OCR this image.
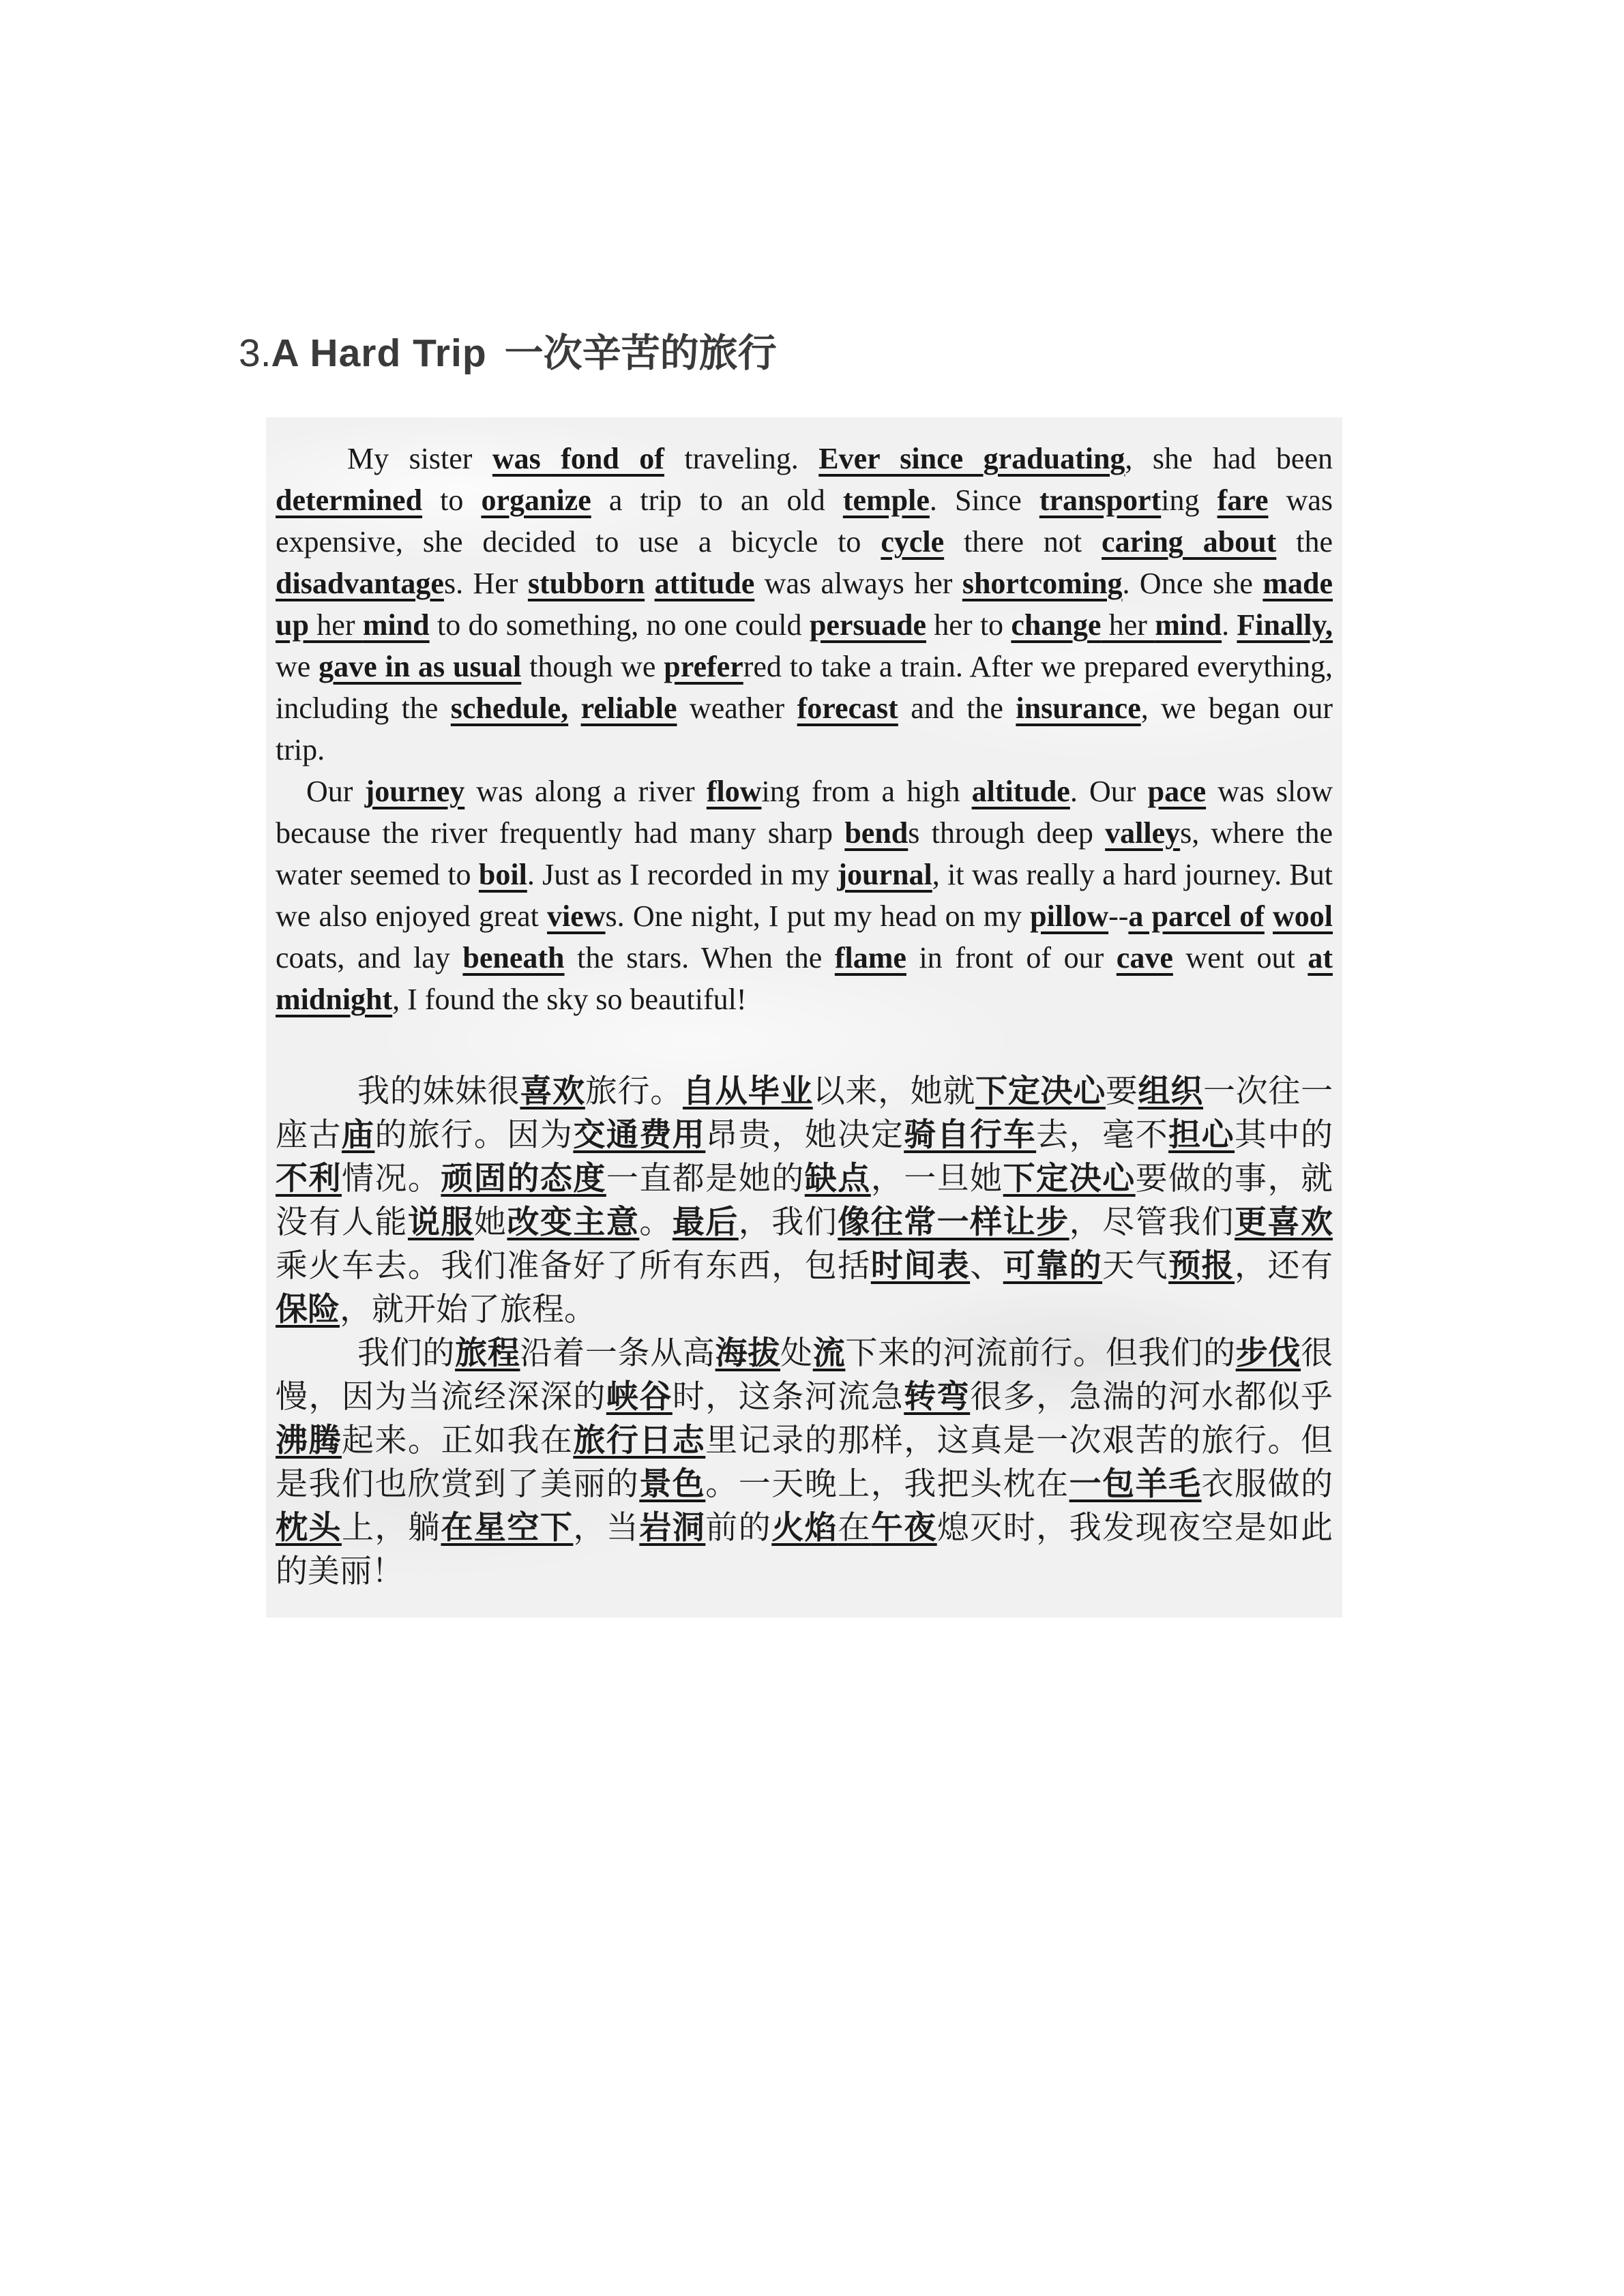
3.A Hard Trip 一次辛苦的旅行

My sister was fond of traveling. Ever since graduating, she had been determined to organize a trip to an old temple. Since transporting fare was expensive, she decided to use a bicycle to cycle there not caring about the disadvantages. Her stubborn attitude was always her shortcoming. Once she made up her mind to do something, no one could persuade her to change her mind. Finally, we gave in as usual though we preferred to take a train. After we prepared everything, including the schedule, reliable weather forecast and the insurance, we began our trip.

Our journey was along a river flowing from a high altitude. Our pace was slow because the river frequently had many sharp bends through deep valleys, where the water seemed to boil. Just as I recorded in my journal, it was really a hard journey. But we also enjoyed great views. One night, I put my head on my pillow--a parcel of wool coats, and lay beneath the stars. When the flame in front of our cave went out at midnight, I found the sky so beautiful!

我的妹妹很喜欢旅行。自从毕业以来，她就下定决心要组织一次往一座古庙的旅行。因为交通费用昂贵，她决定骑自行车去，毫不担心其中的不利情况。顽固的态度一直都是她的缺点，一旦她下定决心要做的事，就没有人能说服她改变主意。最后，我们像往常一样让步，尽管我们更喜欢乘火车去。我们准备好了所有东西，包括时间表、可靠的天气预报，还有保险，就开始了旅程。

我们的旅程沿着一条从高海拔处流下来的河流前行。但我们的步伐很慢，因为当流经深深的峡谷时，这条河流急转弯很多，急湍的河水都似乎沸腾起来。正如我在旅行日志里记录的那样，这真是一次艰苦的旅行。但是我们也欣赏到了美丽的景色。一天晚上，我把头枕在一包羊毛衣服做的枕头上，躺在星空下，当岩洞前的火焰在午夜熄灭时，我发现夜空是如此的美丽！
